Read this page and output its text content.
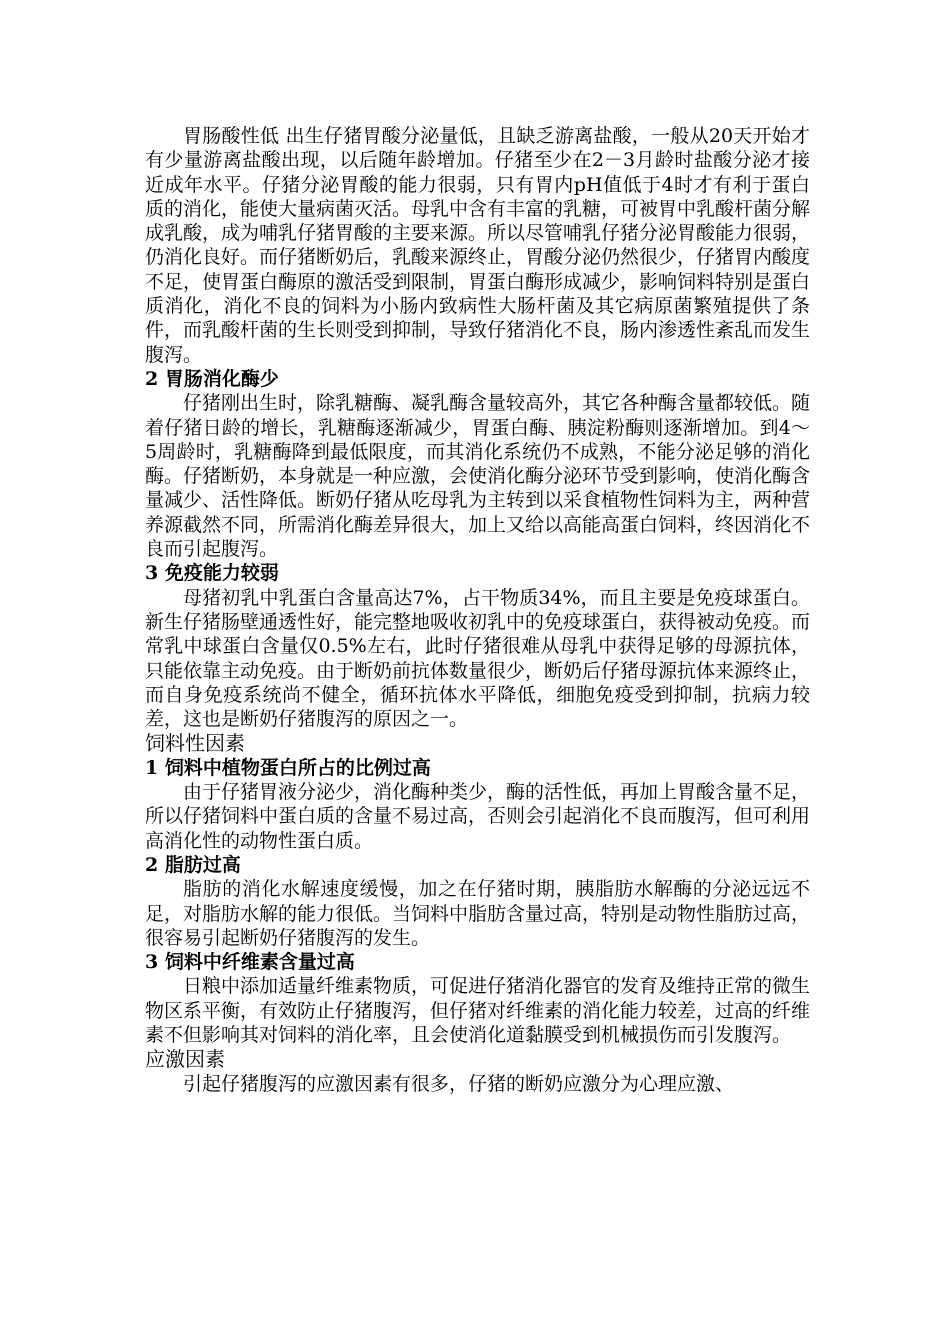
胃肠酸性低 出生仔猪胃酸分泌量低，且缺乏游离盐酸，一般从20天开始才有少量游离盐酸出现，以后随年龄增加。仔猪至少在2－3月龄时盐酸分泌才接近成年水平。仔猪分泌胃酸的能力很弱，只有胃内pH值低于4时才有利于蛋白质的消化，能使大量病菌灭活。母乳中含有丰富的乳糖，可被胃中乳酸杆菌分解成乳酸，成为哺乳仔猪胃酸的主要来源。所以尽管哺乳仔猪分泌胃酸能力很弱，仍消化良好。而仔猪断奶后，乳酸来源终止，胃酸分泌仍然很少，仔猪胃内酸度不足，使胃蛋白酶原的激活受到限制，胃蛋白酶形成减少，影响饲料特别是蛋白质消化，消化不良的饲料为小肠内致病性大肠杆菌及其它病原菌繁殖提供了条件，而乳酸杆菌的生长则受到抑制，导致仔猪消化不良，肠内渗透性紊乱而发生腹泻。

2 胃肠消化酶少

仔猪刚出生时，除乳糖酶、凝乳酶含量较高外，其它各种酶含量都较低。随着仔猪日龄的增长，乳糖酶逐渐减少，胃蛋白酶、胰淀粉酶则逐渐增加。到4～5周龄时，乳糖酶降到最低限度，而其消化系统仍不成熟，不能分泌足够的消化酶。仔猪断奶，本身就是一种应激，会使消化酶分泌环节受到影响，使消化酶含量减少、活性降低。断奶仔猪从吃母乳为主转到以采食植物性饲料为主，两种营养源截然不同，所需消化酶差异很大，加上又给以高能高蛋白饲料，终因消化不良而引起腹泻。

3 免疫能力较弱

母猪初乳中乳蛋白含量高达7%，占干物质34%，而且主要是免疫球蛋白。新生仔猪肠壁通透性好，能完整地吸收初乳中的免疫球蛋白，获得被动免疫。而常乳中球蛋白含量仅0.5%左右，此时仔猪很难从母乳中获得足够的母源抗体，只能依靠主动免疫。由于断奶前抗体数量很少，断奶后仔猪母源抗体来源终止，而自身免疫系统尚不健全，循环抗体水平降低，细胞免疫受到抑制，抗病力较差，这也是断奶仔猪腹泻的原因之一。

饲料性因素

1 饲料中植物蛋白所占的比例过高

由于仔猪胃液分泌少，消化酶种类少，酶的活性低，再加上胃酸含量不足，所以仔猪饲料中蛋白质的含量不易过高，否则会引起消化不良而腹泻，但可利用高消化性的动物性蛋白质。

2 脂肪过高

脂肪的消化水解速度缓慢，加之在仔猪时期，胰脂肪水解酶的分泌远远不足，对脂肪水解的能力很低。当饲料中脂肪含量过高，特别是动物性脂肪过高，很容易引起断奶仔猪腹泻的发生。

3 饲料中纤维素含量过高

日粮中添加适量纤维素物质，可促进仔猪消化器官的发育及维持正常的微生物区系平衡，有效防止仔猪腹泻，但仔猪对纤维素的消化能力较差，过高的纤维素不但影响其对饲料的消化率，且会使消化道黏膜受到机械损伤而引发腹泻。

应激因素

引起仔猪腹泻的应激因素有很多，仔猪的断奶应激分为心理应激、
